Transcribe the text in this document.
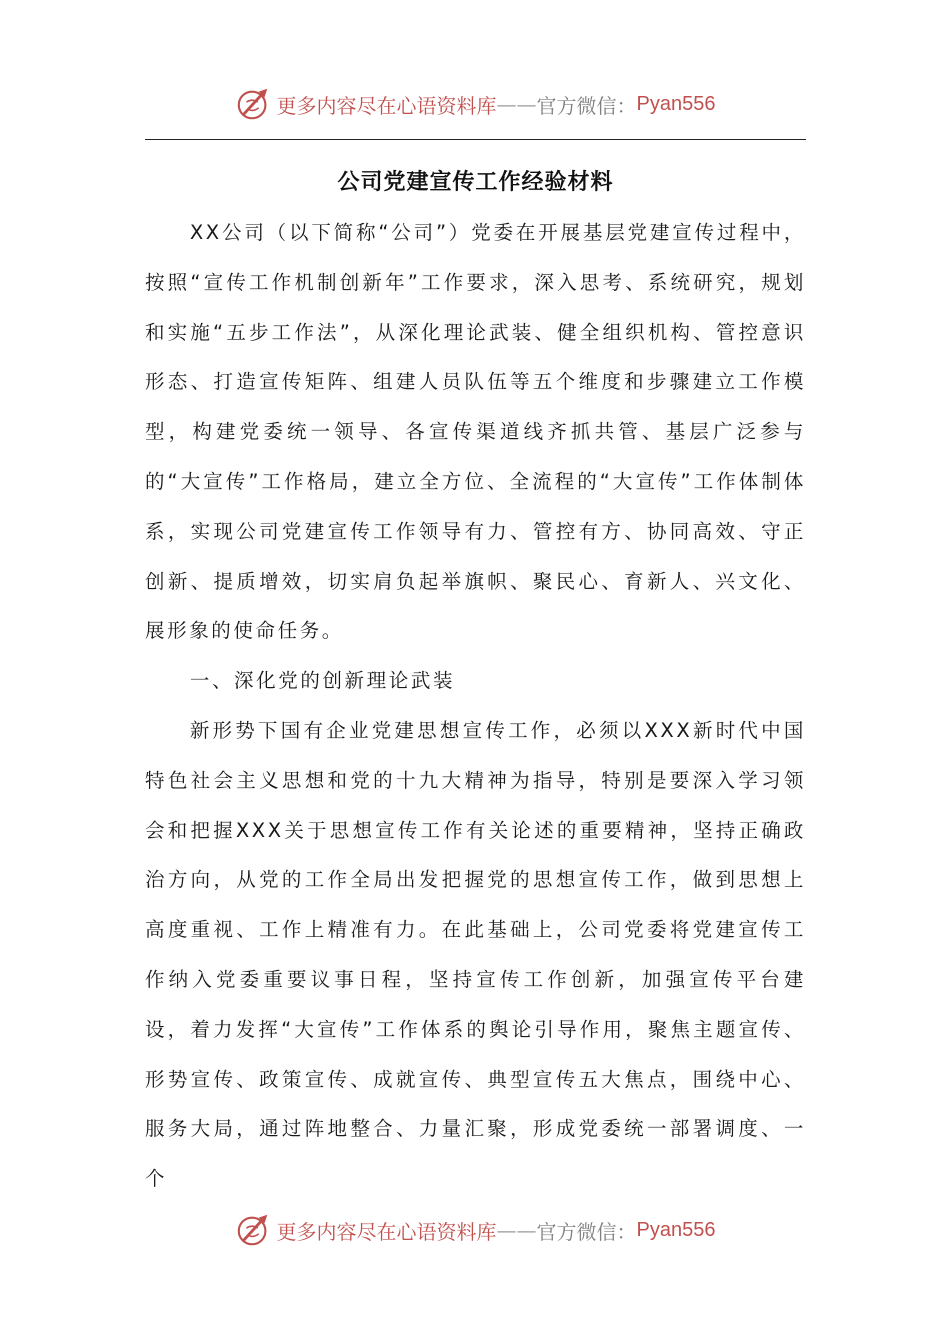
更多内容尽在心语资料库 —— 官方微信： Pyan556
公司党建宣传工作经验材料

XX公司（以下简称“公司”）党委在开展基层党建宣传过程中，按照“宣传工作机制创新年”工作要求，深入思考、系统研究，规划和实施“五步工作法”，从深化理论武装、健全组织机构、管控意识形态、打造宣传矩阵、组建人员队伍等五个维度和步骤建立工作模型，构建党委统一领导、各宣传渠道线齐抓共管、基层广泛参与的“大宣传”工作格局，建立全方位、全流程的“大宣传”工作体制体系，实现公司党建宣传工作领导有力、管控有方、协同高效、守正创新、提质增效，切实肩负起举旗帜、聚民心、育新人、兴文化、展形象的使命任务。

一、深化党的创新理论武装

新形势下国有企业党建思想宣传工作，必须以XXX新时代中国特色社会主义思想和党的十九大精神为指导，特别是要深入学习领会和把握XXX关于思想宣传工作有关论述的重要精神，坚持正确政治方向，从党的工作全局出发把握党的思想宣传工作，做到思想上高度重视、工作上精准有力。在此基础上，公司党委将党建宣传工作纳入党委重要议事日程，坚持宣传工作创新，加强宣传平台建设，着力发挥“大宣传”工作体系的舆论引导作用，聚焦主题宣传、形势宣传、政策宣传、成就宣传、典型宣传五大焦点，围绕中心、服务大局，通过阵地整合、力量汇聚，形成党委统一部署调度、一个

更多内容尽在心语资料库 —— 官方微信： Pyan556
